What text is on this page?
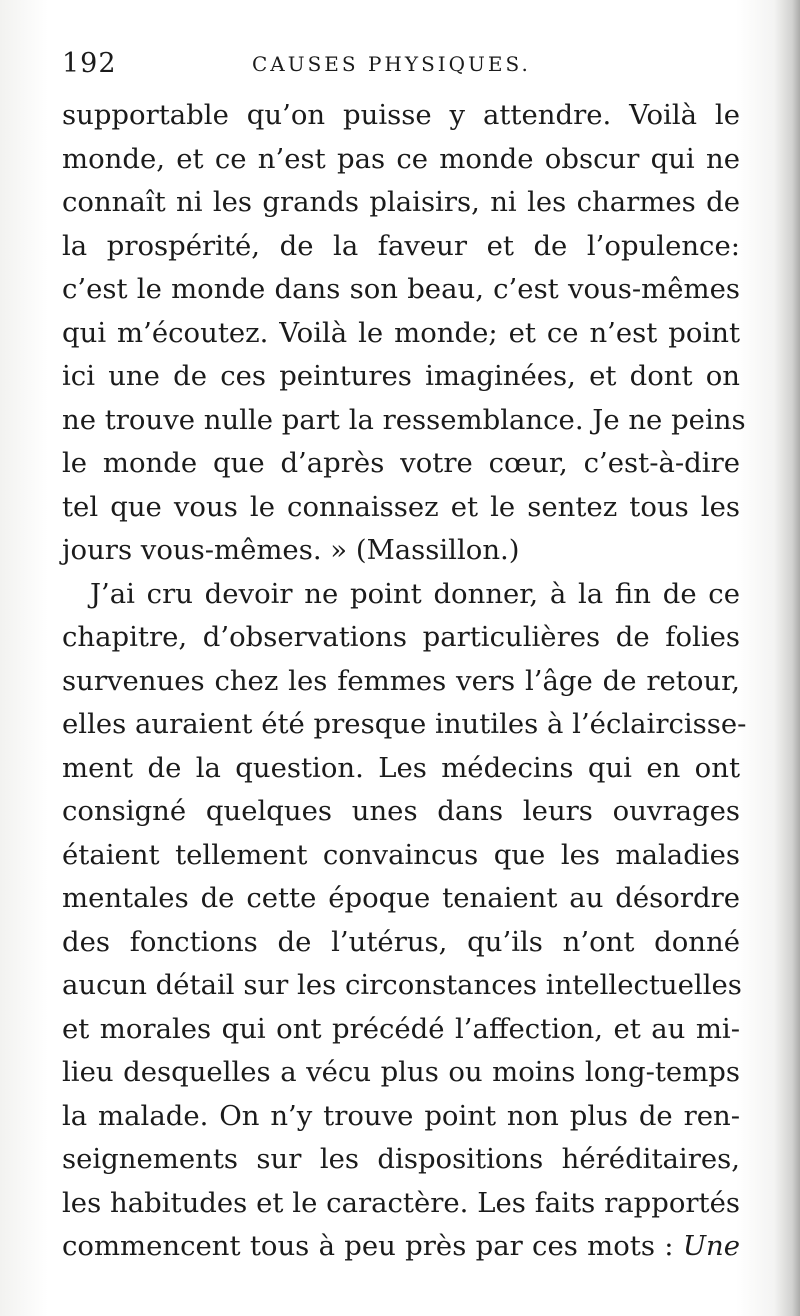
192	CAUSES PHYSIQUES.
supportable qu’on puisse y attendre. Voilà le
monde, et ce n’est pas ce monde obscur qui ne
connaît ni les grands plaisirs, ni les charmes de
la prospérité, de la faveur et de l’opulence:
c’est le monde dans son beau, c’est vous-mêmes
qui m’écoutez. Voilà le monde; et ce n’est point
ici une de ces peintures imaginées, et dont on
ne trouve nulle part la ressemblance. Je ne peins
le monde que d’après votre cœur, c’est-à-dire
tel que vous le connaissez et le sentez tous les
jours vous-mêmes. » (Massillon.)
J’ai cru devoir ne point donner, à la fin de ce
chapitre, d’observations particulières de folies
survenues chez les femmes vers l’âge de retour,
elles auraient été presque inutiles à l’éclaircisse-
ment de la question. Les médecins qui en ont
consigné quelques unes dans leurs ouvrages
étaient tellement convaincus que les maladies
mentales de cette époque tenaient au désordre
des fonctions de l’utérus, qu’ils n’ont donné
aucun détail sur les circonstances intellectuelles
et morales qui ont précédé l’affection, et au mi-
lieu desquelles a vécu plus ou moins long-temps
la malade. On n’y trouve point non plus de ren-
seignements sur les dispositions héréditaires,
les habitudes et le caractère. Les faits rapportés
commencent tous à peu près par ces mots : Une
